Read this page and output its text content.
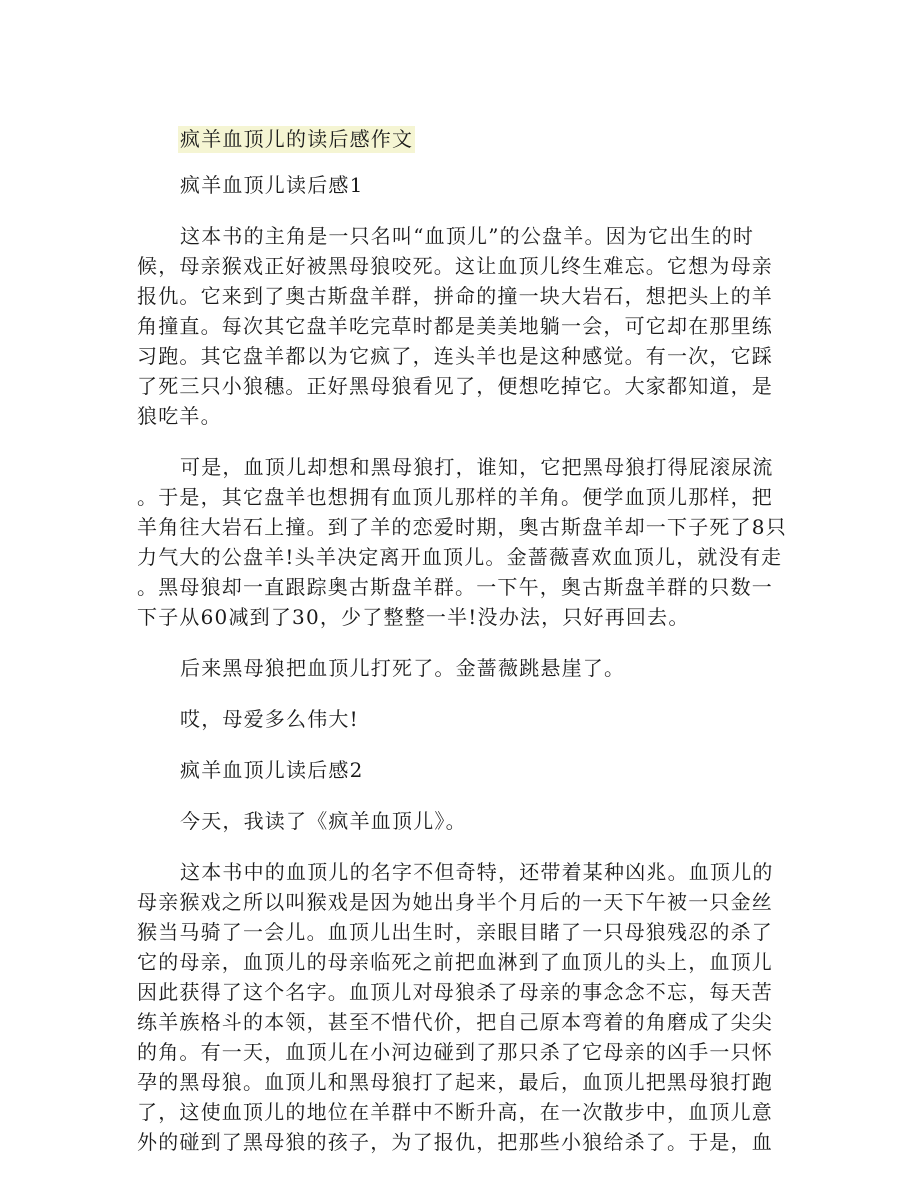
疯羊血顶儿的读后感作文
疯羊血顶儿读后感1
这本书的主角是一只名叫“血顶儿”的公盘羊。因为它出生的时
候，母亲猴戏正好被黑母狼咬死。这让血顶儿终生难忘。它想为母亲
报仇。它来到了奥古斯盘羊群，拼命的撞一块大岩石，想把头上的羊
角撞直。每次其它盘羊吃完草时都是美美地躺一会，可它却在那里练
习跑。其它盘羊都以为它疯了，连头羊也是这种感觉。有一次，它踩
了死三只小狼穗。正好黑母狼看见了，便想吃掉它。大家都知道，是
狼吃羊。
可是，血顶儿却想和黑母狼打，谁知，它把黑母狼打得屁滚尿流
。于是，其它盘羊也想拥有血顶儿那样的羊角。便学血顶儿那样，把
羊角往大岩石上撞。到了羊的恋爱时期，奥古斯盘羊却一下子死了8只
力气大的公盘羊!头羊决定离开血顶儿。金蔷薇喜欢血顶儿，就没有走
。黑母狼却一直跟踪奥古斯盘羊群。一下午，奥古斯盘羊群的只数一
下子从60减到了30，少了整整一半!没办法，只好再回去。
后来黑母狼把血顶儿打死了。金蔷薇跳悬崖了。
哎，母爱多么伟大!
疯羊血顶儿读后感2
今天，我读了《疯羊血顶儿》。
这本书中的血顶儿的名字不但奇特，还带着某种凶兆。血顶儿的
母亲猴戏之所以叫猴戏是因为她出身半个月后的一天下午被一只金丝
猴当马骑了一会儿。血顶儿出生时，亲眼目睹了一只母狼残忍的杀了
它的母亲，血顶儿的母亲临死之前把血淋到了血顶儿的头上，血顶儿
因此获得了这个名字。血顶儿对母狼杀了母亲的事念念不忘，每天苦
练羊族格斗的本领，甚至不惜代价，把自己原本弯着的角磨成了尖尖
的角。有一天，血顶儿在小河边碰到了那只杀了它母亲的凶手一只怀
孕的黑母狼。血顶儿和黑母狼打了起来，最后，血顶儿把黑母狼打跑
了，这使血顶儿的地位在羊群中不断升高，在一次散步中，血顶儿意
外的碰到了黑母狼的孩子，为了报仇，把那些小狼给杀了。于是，血
